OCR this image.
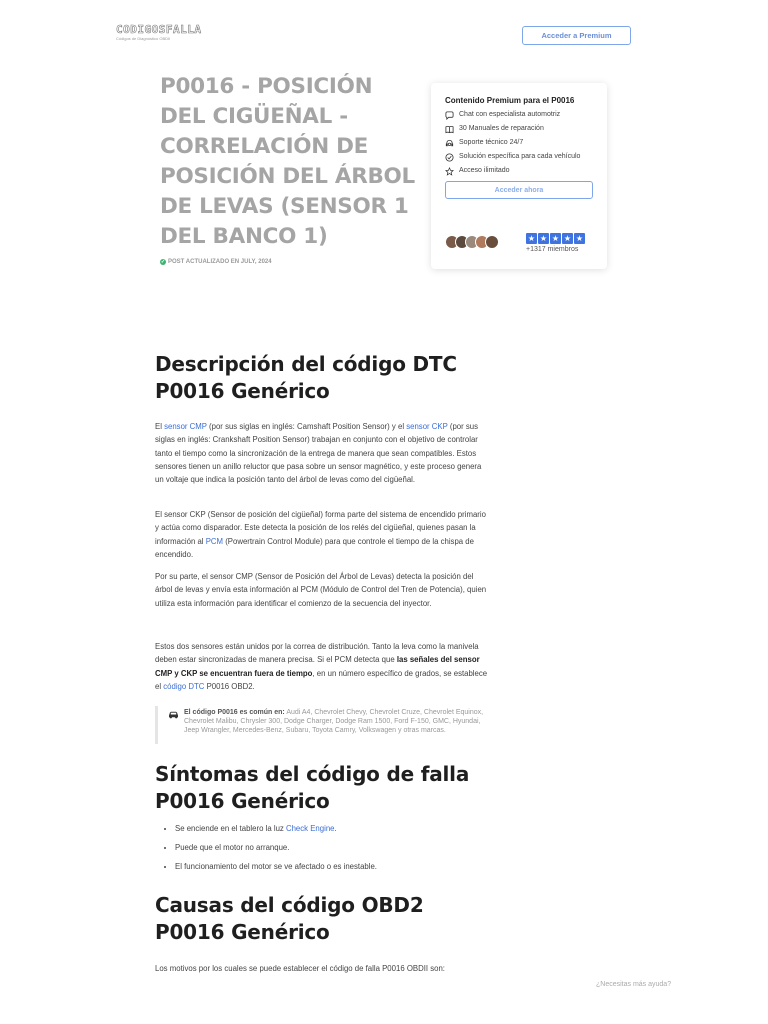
CODIGOSFALLA
Códigos de Diagnóstico OBDII	Acceder a Premium
P0016 - POSICIÓN DEL CIGÜEÑAL - CORRELACIÓN DE POSICIÓN DEL ÁRBOL DE LEVAS (SENSOR 1 DEL BANCO 1)
✓ POST ACTUALIZADO EN JULY, 2024
Contenido Premium para el P0016
Chat con especialista automotriz
30 Manuales de reparación
Soporte técnico 24/7
Solución específica para cada vehículo
Acceso ilimitado
Acceder ahora
★ ★ ★ ★ ★
+1317 miembros
Descripción del código DTC P0016 Genérico

El sensor CMP (por sus siglas en inglés: Camshaft Position Sensor) y el sensor CKP (por sus siglas en inglés: Crankshaft Position Sensor) trabajan en conjunto con el objetivo de controlar tanto el tiempo como la sincronización de la entrega de manera que sean compatibles. Estos sensores tienen un anillo reluctor que pasa sobre un sensor magnético, y este proceso genera un voltaje que indica la posición tanto del árbol de levas como del cigüeñal.

El sensor CKP (Sensor de posición del cigüeñal) forma parte del sistema de encendido primario y actúa como disparador. Este detecta la posición de los relés del cigüeñal, quienes pasan la información al PCM (Powertrain Control Module) para que controle el tiempo de la chispa de encendido.

Por su parte, el sensor CMP (Sensor de Posición del Árbol de Levas) detecta la posición del árbol de levas y envía esta información al PCM (Módulo de Control del Tren de Potencia), quien utiliza esta información para identificar el comienzo de la secuencia del inyector.

Estos dos sensores están unidos por la correa de distribución. Tanto la leva como la manivela deben estar sincronizadas de manera precisa. Si el PCM detecta que las señales del sensor CMP y CKP se encuentran fuera de tiempo, en un número específico de grados, se establece el código DTC P0016 OBD2.

El código P0016 es común en: Audi A4, Chevrolet Chevy, Chevrolet Cruze, Chevrolet Equinox, Chevrolet Malibu, Chrysler 300, Dodge Charger, Dodge Ram 1500, Ford F-150, GMC, Hyundai, Jeep Wrangler, Mercedes-Benz, Subaru, Toyota Camry, Volkswagen y otras marcas.
Síntomas del código de falla P0016 Genérico
• Se enciende en el tablero la luz Check Engine.
• Puede que el motor no arranque.
• El funcionamiento del motor se ve afectado o es inestable.
Causas del código OBD2 P0016 Genérico

Los motivos por los cuales se puede establecer el código de falla P0016 OBDII son:

¿Necesitas más ayuda?
